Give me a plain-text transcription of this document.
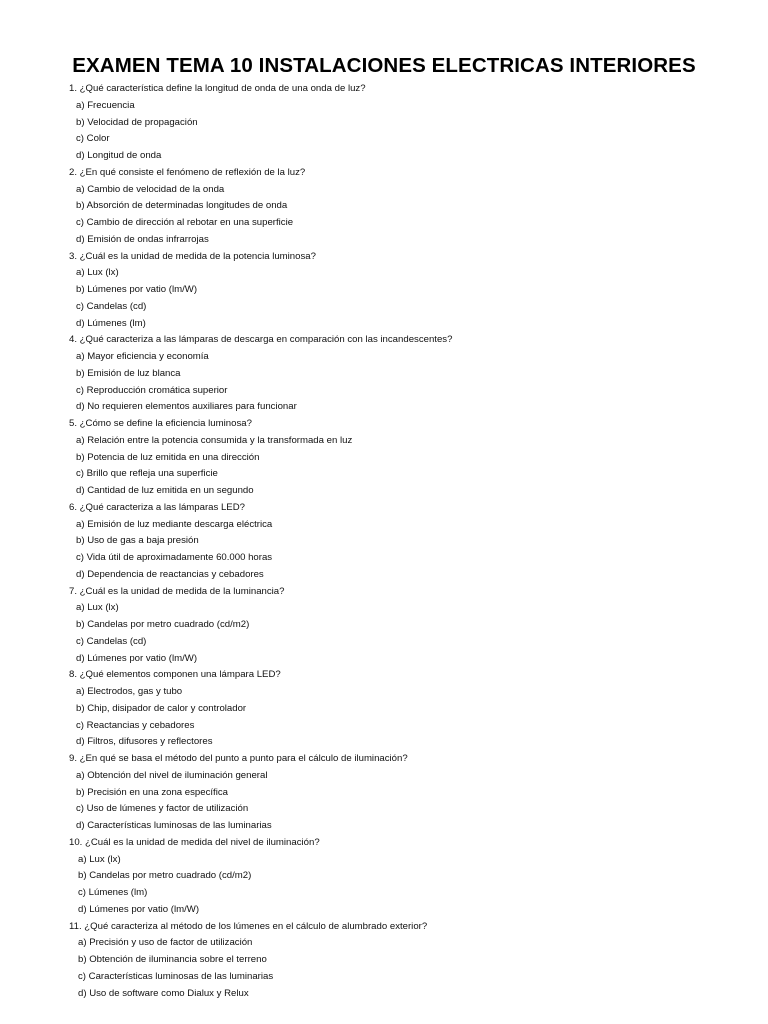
EXAMEN TEMA 10 INSTALACIONES ELECTRICAS INTERIORES
1. ¿Qué característica define la longitud de onda de una onda de luz?
a) Frecuencia
b) Velocidad de propagación
c) Color
d) Longitud de onda
2. ¿En qué consiste el fenómeno de reflexión de la luz?
a) Cambio de velocidad de la onda
b) Absorción de determinadas longitudes de onda
c) Cambio de dirección al rebotar en una superficie
d) Emisión de ondas infrarrojas
3. ¿Cuál es la unidad de medida de la potencia luminosa?
a) Lux (lx)
b) Lúmenes por vatio (lm/W)
c) Candelas (cd)
d) Lúmenes (lm)
4. ¿Qué caracteriza a las lámparas de descarga en comparación con las incandescentes?
a) Mayor eficiencia y economía
b) Emisión de luz blanca
c) Reproducción cromática superior
d) No requieren elementos auxiliares para funcionar
5. ¿Cómo se define la eficiencia luminosa?
a) Relación entre la potencia consumida y la transformada en luz
b) Potencia de luz emitida en una dirección
c) Brillo que refleja una superficie
d) Cantidad de luz emitida en un segundo
6. ¿Qué caracteriza a las lámparas LED?
a) Emisión de luz mediante descarga eléctrica
b) Uso de gas a baja presión
c) Vida útil de aproximadamente 60.000 horas
d) Dependencia de reactancias y cebadores
7. ¿Cuál es la unidad de medida de la luminancia?
a) Lux (lx)
b) Candelas por metro cuadrado (cd/m2)
c) Candelas (cd)
d) Lúmenes por vatio (lm/W)
8. ¿Qué elementos componen una lámpara LED?
a) Electrodos, gas y tubo
b) Chip, disipador de calor y controlador
c) Reactancias y cebadores
d) Filtros, difusores y reflectores
9. ¿En qué se basa el método del punto a punto para el cálculo de iluminación?
a) Obtención del nivel de iluminación general
b) Precisión en una zona específica
c) Uso de lúmenes y factor de utilización
d) Características luminosas de las luminarias
10. ¿Cuál es la unidad de medida del nivel de iluminación?
a) Lux (lx)
b) Candelas por metro cuadrado (cd/m2)
c) Lúmenes (lm)
d) Lúmenes por vatio (lm/W)
11. ¿Qué caracteriza al método de los lúmenes en el cálculo de alumbrado exterior?
a) Precisión y uso de factor de utilización
b) Obtención de iluminancia sobre el terreno
c) Características luminosas de las luminarias
d) Uso de software como Dialux y Relux
